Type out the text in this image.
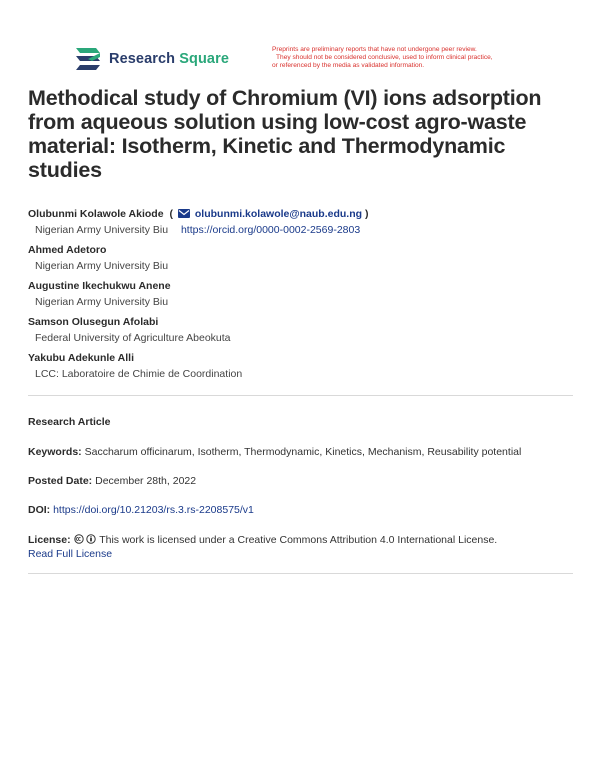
Research Square
Preprints are preliminary reports that have not undergone peer review.
They should not be considered conclusive, used to inform clinical practice,
or referenced by the media as validated information.
Methodical study of Chromium (VI) ions adsorption from aqueous solution using low-cost agro-waste material: Isotherm, Kinetic and Thermodynamic studies
Olubunmi Kolawole Akiode ( olubunmi.kolawole@naub.edu.ng )
Nigerian Army University Biu https://orcid.org/0000-0002-2569-2803
Ahmed Adetoro
Nigerian Army University Biu
Augustine Ikechukwu Anene
Nigerian Army University Biu
Samson Olusegun Afolabi
Federal University of Agriculture Abeokuta
Yakubu Adekunle Alli
LCC: Laboratoire de Chimie de Coordination
Research Article
Keywords: Saccharum officinarum, Isotherm, Thermodynamic, Kinetics, Mechanism, Reusability potential
Posted Date: December 28th, 2022
DOI: https://doi.org/10.21203/rs.3.rs-2208575/v1
License:	This work is licensed under a Creative Commons Attribution 4.0 International License.
Read Full License
